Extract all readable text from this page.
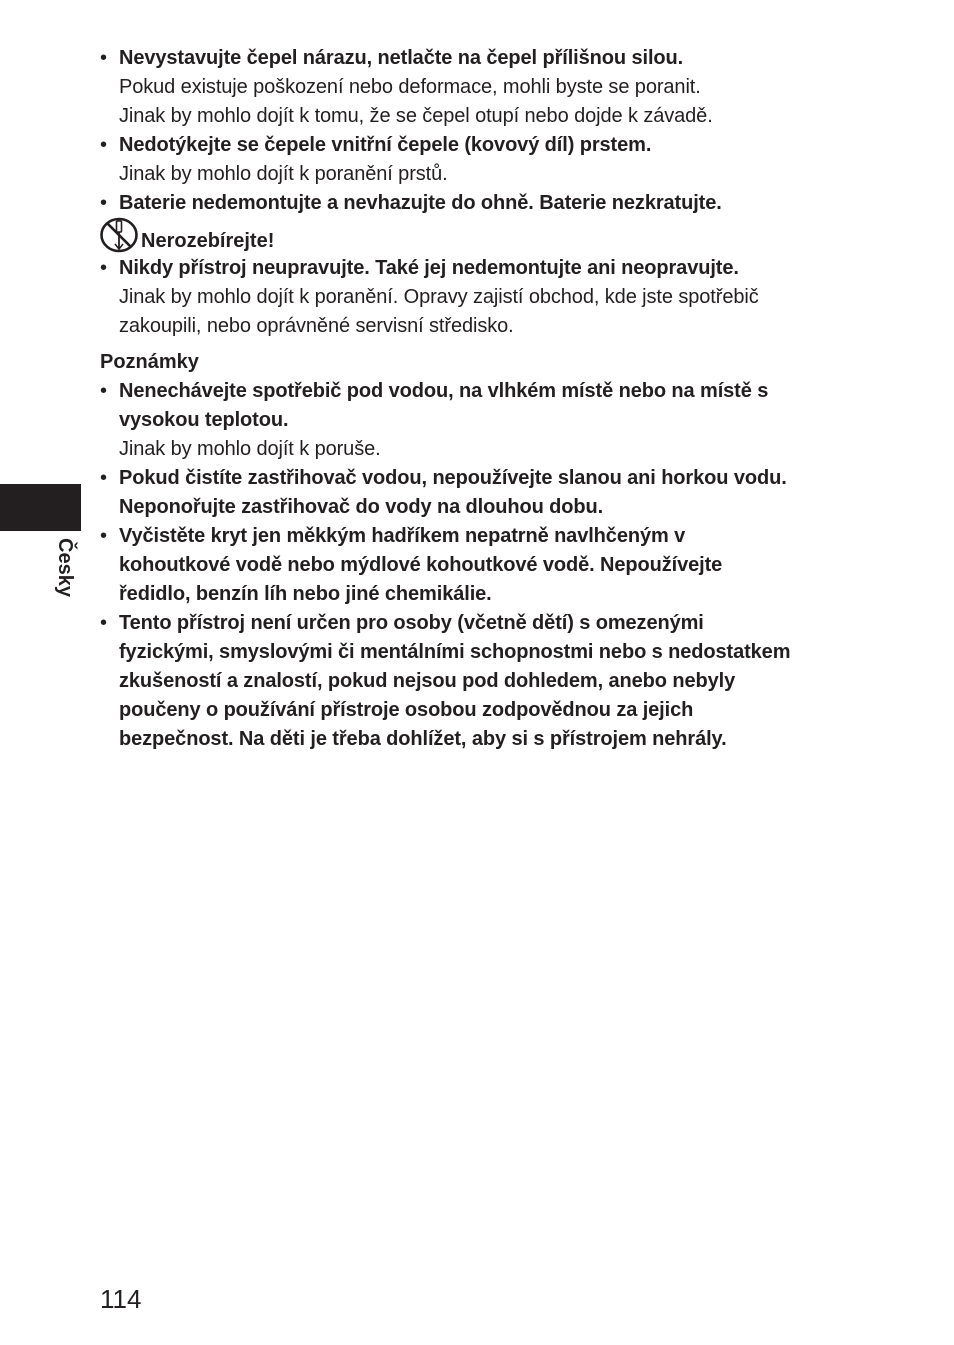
Česky
• Nevystavujte čepel nárazu, netlačte na čepel přílišnou silou.
Pokud existuje poškození nebo deformace, mohli byste se poranit.
Jinak by mohlo dojít k tomu, že se čepel otupí nebo dojde k závadě.
• Nedotýkejte se čepele vnitřní čepele (kovový díl) prstem.
Jinak by mohlo dojít k poranění prstů.
• Baterie nedemontujte a nevhazujte do ohně. Baterie nezkratujte.
Nerozebírejte!
• Nikdy přístroj neupravujte. Také jej nedemontujte ani neopravujte.
Jinak by mohlo dojít k poranění. Opravy zajistí obchod, kde jste spotřebič
zakoupili, nebo oprávněné servisní středisko.
Poznámky
• Nenechávejte spotřebič pod vodou, na vlhkém místě nebo na místě s
vysokou teplotou.
Jinak by mohlo dojít k poruše.
• Pokud čistíte zastřihovač vodou, nepoužívejte slanou ani horkou vodu.
Neponořujte zastřihovač do vody na dlouhou dobu.
• Vyčistěte kryt jen měkkým hadříkem nepatrně navlhčeným v
kohoutkové vodě nebo mýdlové kohoutkové vodě. Nepoužívejte
ředidlo, benzín líh nebo jiné chemikálie.
• Tento přístroj není určen pro osoby (včetně dětí) s omezenými
fyzickými, smyslovými či mentálními schopnostmi nebo s nedostatkem
zkušeností a znalostí, pokud nejsou pod dohledem, anebo nebyly
poučeny o používání přístroje osobou zodpovědnou za jejich
bezpečnost. Na děti je třeba dohlížet, aby si s přístrojem nehrály.
114
